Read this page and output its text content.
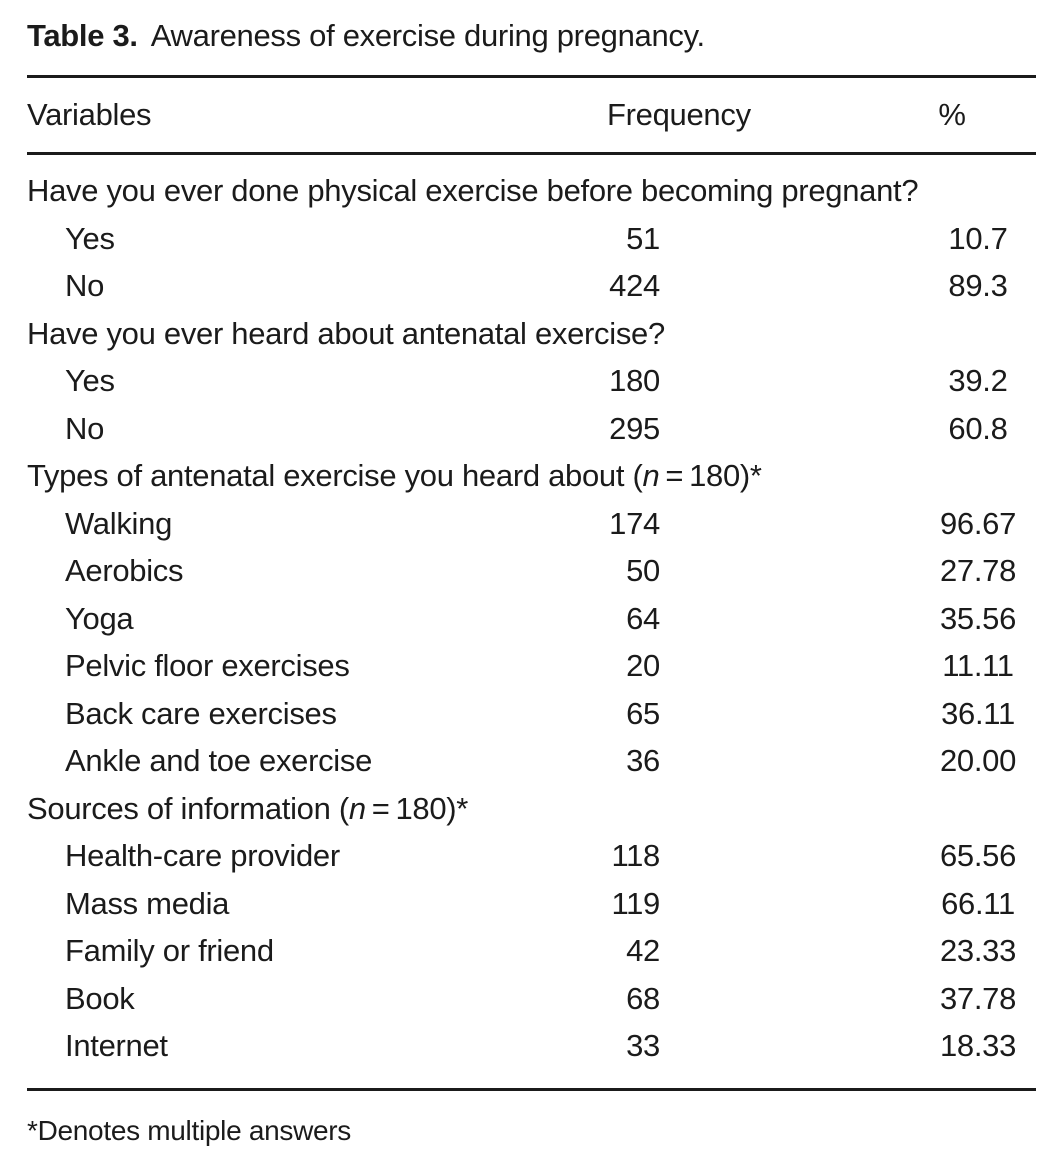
Table 3. Awareness of exercise during pregnancy.
Variables	Frequency	%
Have you ever done physical exercise before becoming pregnant?		
Yes	51	10.7
No	424	89.3
Have you ever heard about antenatal exercise?		
Yes	180	39.2
No	295	60.8
Types of antenatal exercise you heard about (n = 180)*		
Walking	174	96.67
Aerobics	50	27.78
Yoga	64	35.56
Pelvic floor exercises	20	11.11
Back care exercises	65	36.11
Ankle and toe exercise	36	20.00
Sources of information (n = 180)*		
Health-care provider	118	65.56
Mass media	119	66.11
Family or friend	42	23.33
Book	68	37.78
Internet	33	18.33
*Denotes multiple answers
